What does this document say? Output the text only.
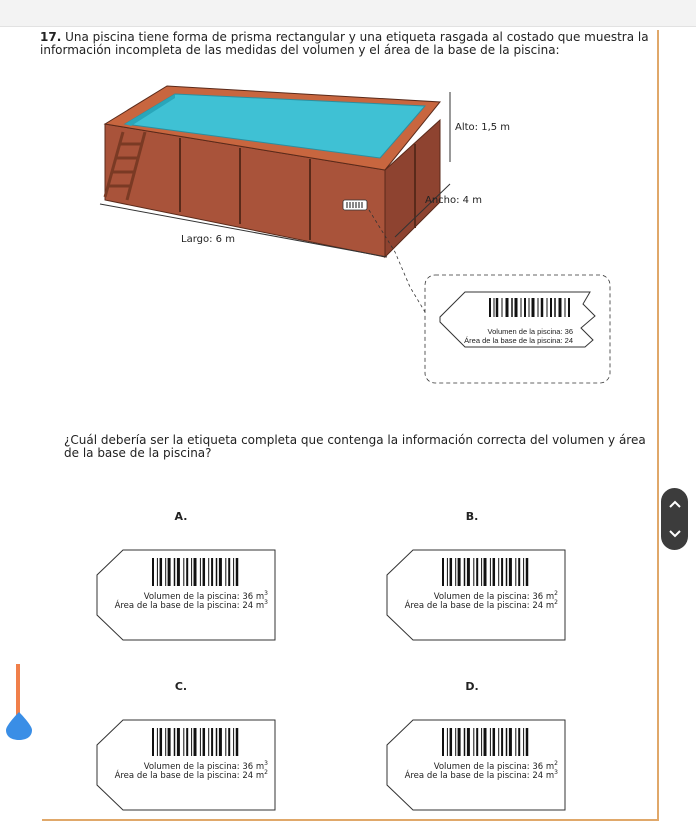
17. Una piscina tiene forma de prisma rectangular y una etiqueta rasgada al costado que muestra la información incompleta de las medidas del volumen y el área de la base de la piscina:
Volumen de la piscina: 36
Área de la base de la piscina: 24
Alto: 1,5 m
Ancho: 4 m
Largo: 6 m
¿Cuál debería ser la etiqueta completa que contenga la información correcta del volumen y área de la base de la piscina?
A.	B.
C.	D.
Volumen de la piscina: 36 $m^3$
Área de la base de la piscina: 24 $m^3$
Volumen de la piscina: 36 $m^2$
Área de la base de la piscina: 24 $m^2$
Volumen de la piscina: 36 $m^3$
Área de la base de la piscina: 24 $m^2$
Volumen de la piscina: 36 $m^2$
Área de la base de la piscina: 24 $m^3$
